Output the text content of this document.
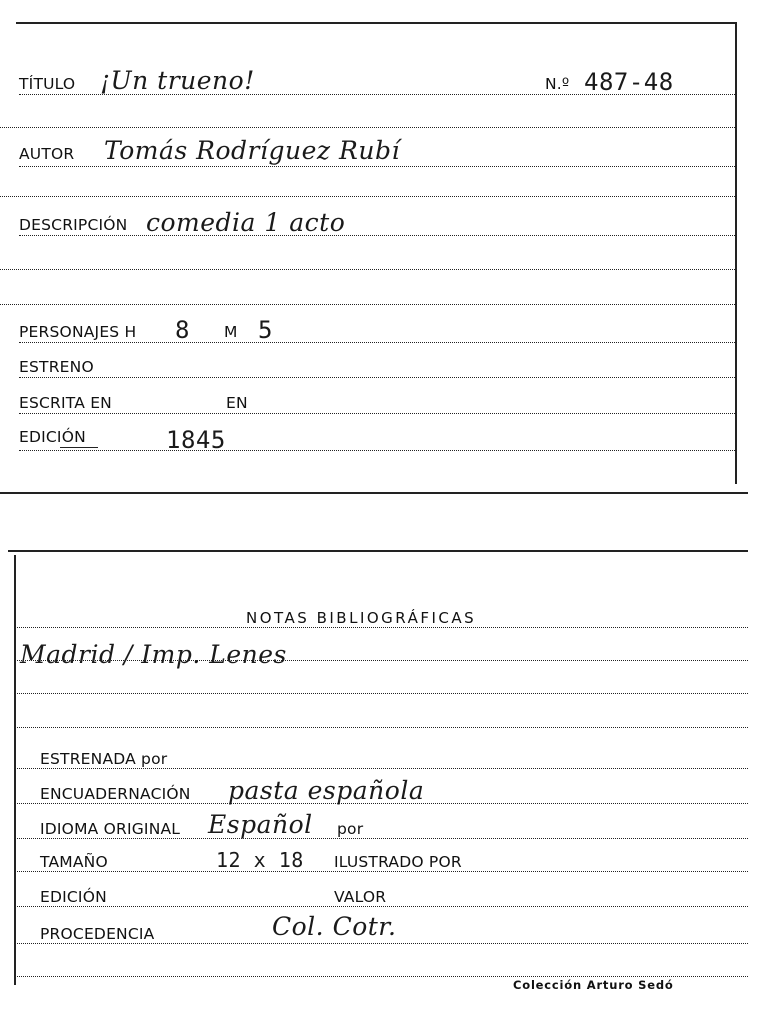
TÍTULO ¡Un trueno!	N.º 487-48
AUTOR Tomás Rodríguez Rubí
DESCRIPCIÓN comedia 1 acto
PERSONAJES H 8 M 5
ESTRENO
ESCRITA EN	EN
EDICIÓN	1845
NOTAS BIBLIOGRÁFICAS
Madrid / Imp. Lenes
ESTRENADA por
ENCUADERNACIÓN pasta española
IDIOMA ORIGINAL Español por
TAMAÑO	12 x 18 ILUSTRADO POR
EDICIÓN	VALOR
PROCEDENCIA	Col. Cotr.
Colección Arturo Sedó
